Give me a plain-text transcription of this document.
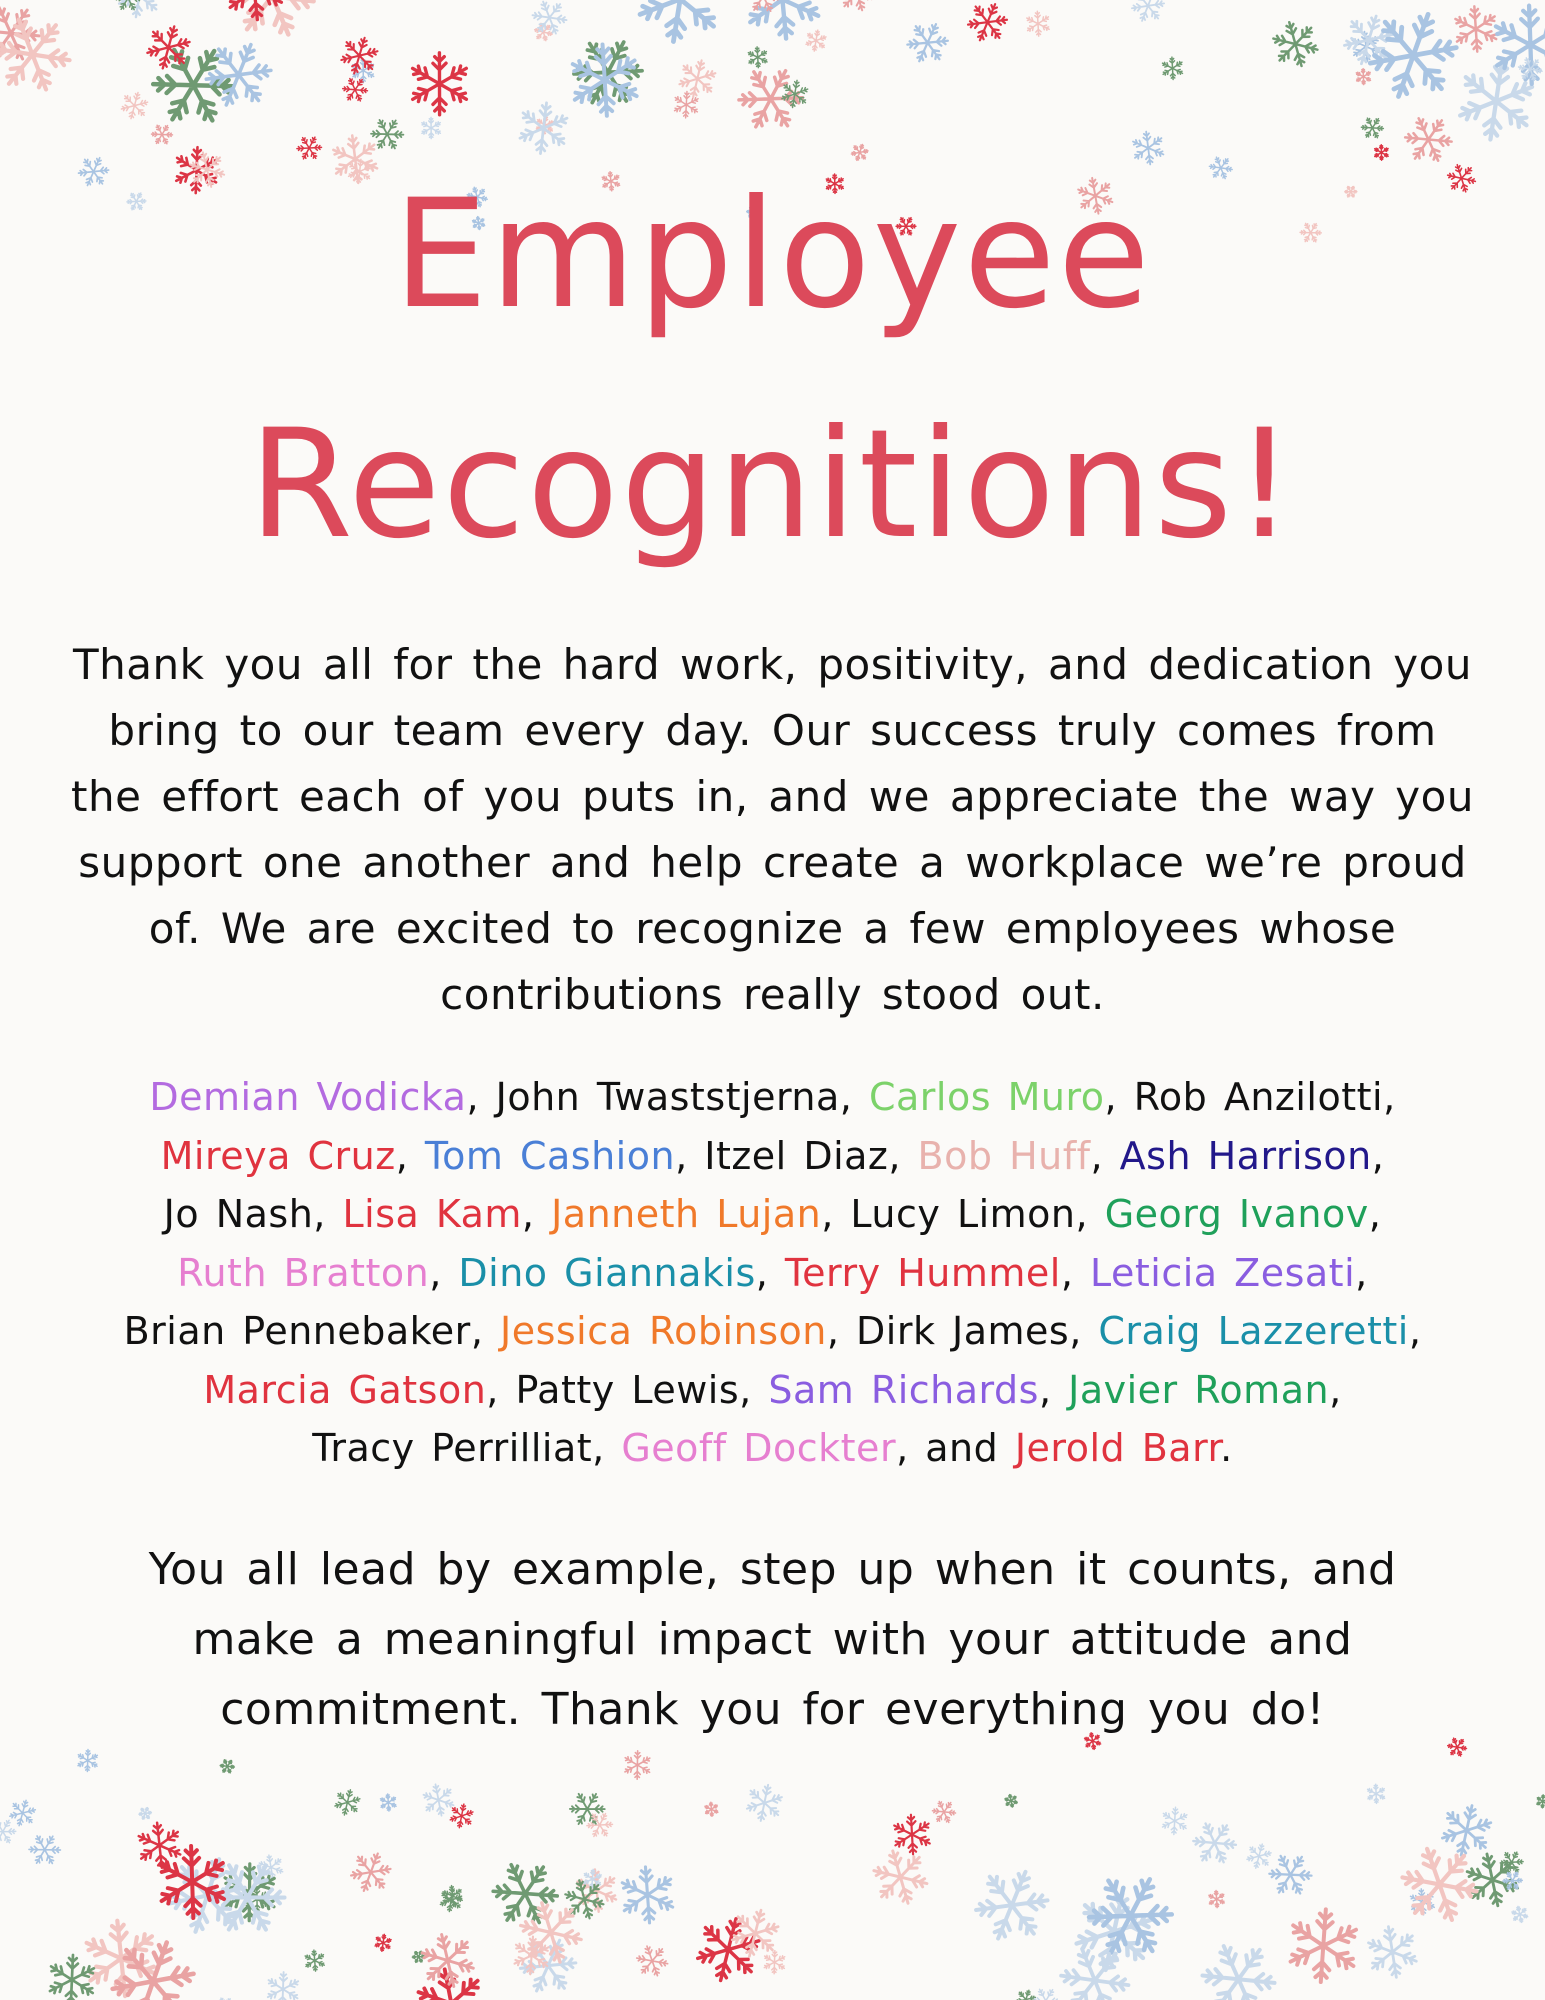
Employee
Recognitions!
Thank you all for the hard work, positivity, and dedication you bring to our team every day. Our success truly comes from the effort each of you puts in, and we appreciate the way you support one another and help create a workplace we’re proud of. We are excited to recognize a few employees whose contributions really stood out.
Demian Vodicka, John Twaststjerna, Carlos Muro, Rob Anzilotti, Mireya Cruz, Tom Cashion, Itzel Diaz, Bob Huff, Ash Harrison, Jo Nash, Lisa Kam, Janneth Lujan, Lucy Limon, Georg Ivanov, Ruth Bratton, Dino Giannakis, Terry Hummel, Leticia Zesati, Brian Pennebaker, Jessica Robinson, Dirk James, Craig Lazzeretti, Marcia Gatson, Patty Lewis, Sam Richards, Javier Roman, Tracy Perrilliat, Geoff Dockter, and Jerold Barr.
You all lead by example, step up when it counts, and make a meaningful impact with your attitude and commitment. Thank you for everything you do!
